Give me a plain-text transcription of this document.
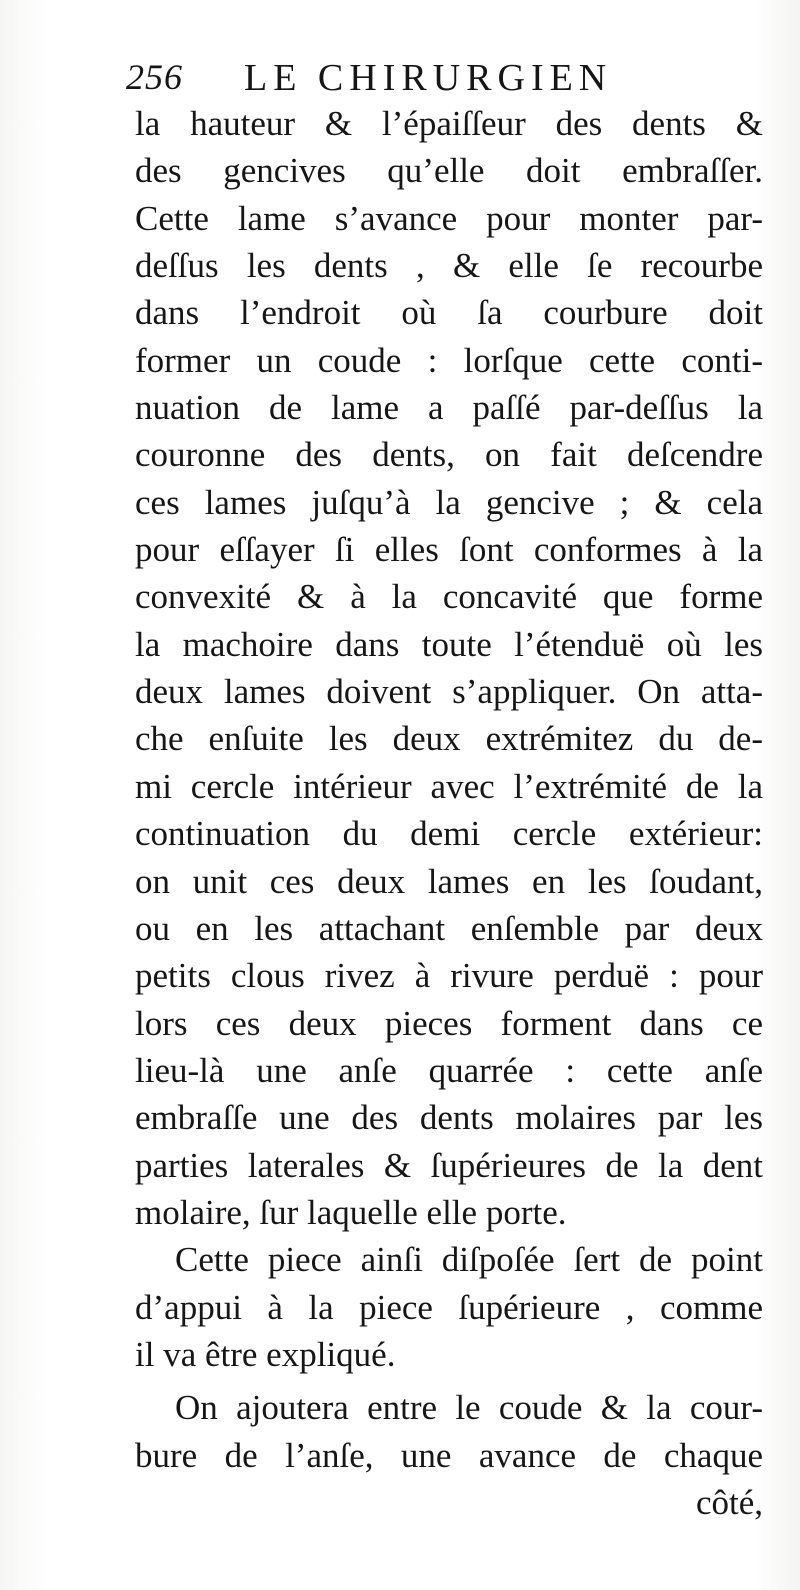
256 LE CHIRURGIEN
la hauteur & l’épaiſſeur des dents &
des gencives qu’elle doit embraſſer.
Cette lame s’avance pour monter par-
deſſus les dents , & elle ſe recourbe
dans l’endroit où ſa courbure doit
former un coude : lorſque cette conti-
nuation de lame a paſſé par-deſſus la
couronne des dents, on fait deſcendre
ces lames juſqu’à la gencive ; & cela
pour eſſayer ſi elles ſont conformes à la
convexité & à la concavité que forme
la machoire dans toute l’étenduë où les
deux lames doivent s’appliquer. On atta-
che enſuite les deux extrémitez du de-
mi cercle intérieur avec l’extrémité de la
continuation du demi cercle extérieur:
on unit ces deux lames en les ſoudant,
ou en les attachant enſemble par deux
petits clous rivez à rivure perduë : pour
lors ces deux pieces forment dans ce
lieu-là une anſe quarrée : cette anſe
embraſſe une des dents molaires par les
parties laterales & ſupérieures de la dent
molaire, ſur laquelle elle porte.
Cette piece ainſi diſpoſée ſert de point
d’appui à la piece ſupérieure , comme
il va être expliqué.
On ajoutera entre le coude & la cour-
bure de l’anſe, une avance de chaque
côté,
